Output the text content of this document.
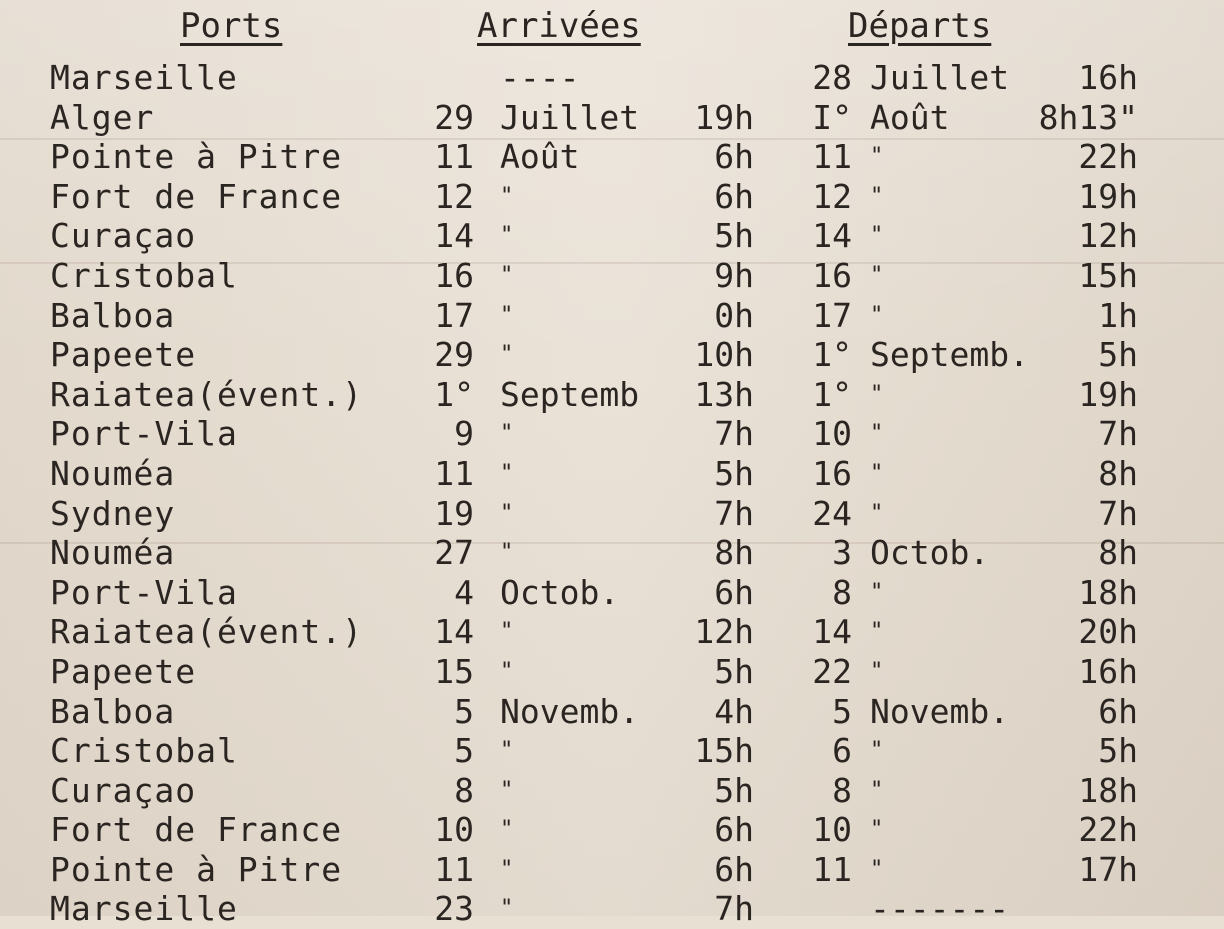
Ports	Arrivées	Départs
Marseille	----	28 Juillet	16h
Alger	29 Juillet	19h	I° Août	8h13"
Pointe à Pitre	11 Août	6h	11 "	22h
Fort de France	12 "	6h	12 "	19h
Curaçao	14 "	5h	14 "	12h
Cristobal	16 "	9h	16 "	15h
Balboa	17 "	0h	17 "	1h
Papeete	29 "	10h	1° Septemb.	5h
Raiatea(évent.)	1° Septemb	13h	1° "	19h
Port-Vila	9 "	7h	10 "	7h
Nouméa	11 "	5h	16 "	8h
Sydney	19 "	7h	24 "	7h
Nouméa	27 "	8h	3 Octob.	8h
Port-Vila	4 Octob.	6h	8 "	18h
Raiatea(évent.)	14 "	12h	14 "	20h
Papeete	15 "	5h	22 "	16h
Balboa	5 Novemb.	4h	5 Novemb.	6h
Cristobal	5 "	15h	6 "	5h
Curaçao	8 "	5h	8 "	18h
Fort de France	10 "	6h	10 "	22h
Pointe à Pitre	11 "	6h	11 "	17h
Marseille	23 "	7h	-------
